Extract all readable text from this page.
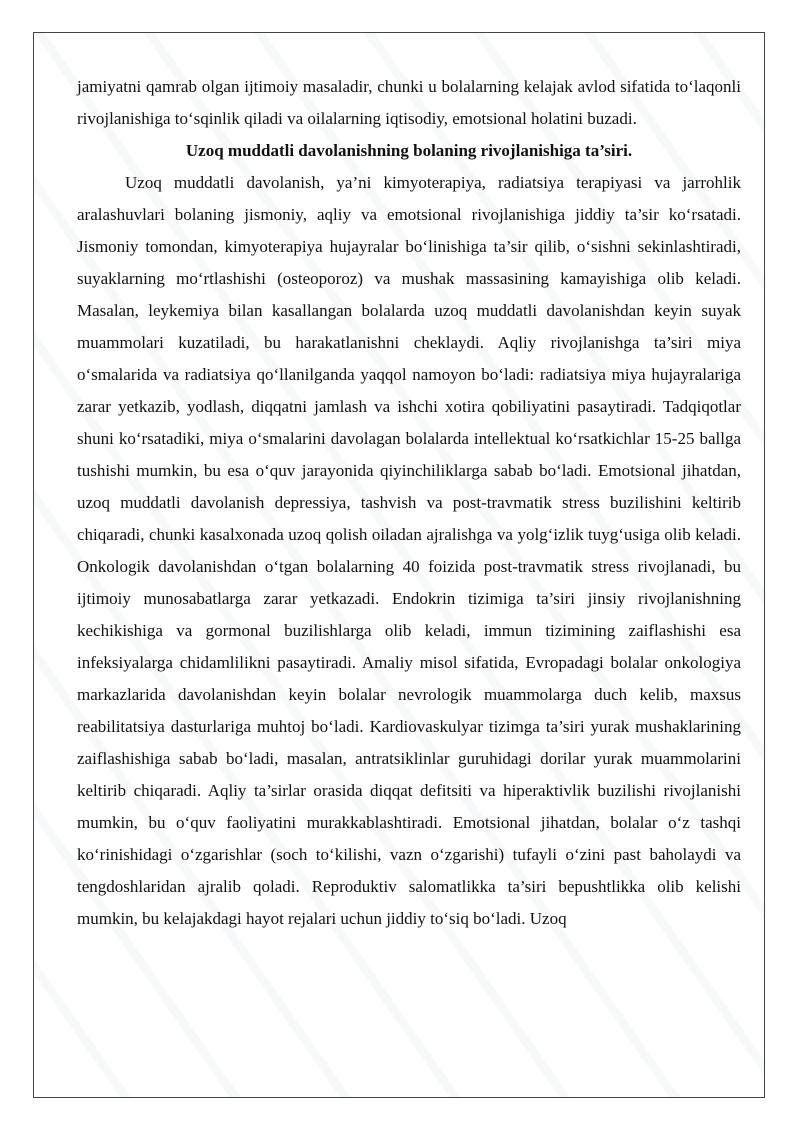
jamiyatni qamrab olgan ijtimoiy masaladir, chunki u bolalarning kelajak avlod sifatida to‘laqonli rivojlanishiga to‘sqinlik qiladi va oilalarning iqtisodiy, emotsional holatini buzadi.

Uzoq muddatli davolanishning bolaning rivojlanishiga ta’siri.

Uzoq muddatli davolanish, ya’ni kimyoterapiya, radiatsiya terapiyasi va jarrohlik aralashuvlari bolaning jismoniy, aqliy va emotsional rivojlanishiga jiddiy ta’sir ko‘rsatadi. Jismoniy tomondan, kimyoterapiya hujayralar bo‘linishiga ta’sir qilib, o‘sishni sekinlashtiradi, suyaklarning mo‘rtlashishi (osteoporoz) va mushak massasining kamayishiga olib keladi. Masalan, leykemiya bilan kasallangan bolalarda uzoq muddatli davolanishdan keyin suyak muammolari kuzatiladi, bu harakatlanishni cheklaydi. Aqliy rivojlanishga ta’siri miya o‘smalarida va radiatsiya qo‘llanilganda yaqqol namoyon bo‘ladi: radiatsiya miya hujayralariga zarar yetkazib, yodlash, diqqatni jamlash va ishchi xotira qobiliyatini pasaytiradi. Tadqiqotlar shuni ko‘rsatadiki, miya o‘smalarini davolagan bolalarda intellektual ko‘rsatkichlar 15-25 ballga tushishi mumkin, bu esa o‘quv jarayonida qiyinchiliklarga sabab bo‘ladi. Emotsional jihatdan, uzoq muddatli davolanish depressiya, tashvish va post-travmatik stress buzilishini keltirib chiqaradi, chunki kasalxonada uzoq qolish oiladan ajralishga va yolg‘izlik tuyg‘usiga olib keladi. Onkologik davolanishdan o‘tgan bolalarning 40 foizida post-travmatik stress rivojlanadi, bu ijtimoiy munosabatlarga zarar yetkazadi. Endokrin tizimiga ta’siri jinsiy rivojlanishning kechikishiga va gormonal buzilishlarga olib keladi, immun tizimining zaiflashishi esa infeksiyalarga chidamlilikni pasaytiradi. Amaliy misol sifatida, Evropadagi bolalar onkologiya markazlarida davolanishdan keyin bolalar nevrologik muammolarga duch kelib, maxsus reabilitatsiya dasturlariga muhtoj bo‘ladi. Kardiovaskulyar tizimga ta’siri yurak mushaklarining zaiflashishiga sabab bo‘ladi, masalan, antratsiklinlar guruhidagi dorilar yurak muammolarini keltirib chiqaradi. Aqliy ta’sirlar orasida diqqat defitsiti va hiperaktivlik buzilishi rivojlanishi mumkin, bu o‘quv faoliyatini murakkablashtiradi. Emotsional jihatdan, bolalar o‘z tashqi ko‘rinishidagi o‘zgarishlar (soch to‘kilishi, vazn o‘zgarishi) tufayli o‘zini past baholaydi va tengdoshlaridan ajralib qoladi. Reproduktiv salomatlikka ta’siri bepushtlikka olib kelishi mumkin, bu kelajakdagi hayot rejalari uchun jiddiy to‘siq bo‘ladi. Uzoq
